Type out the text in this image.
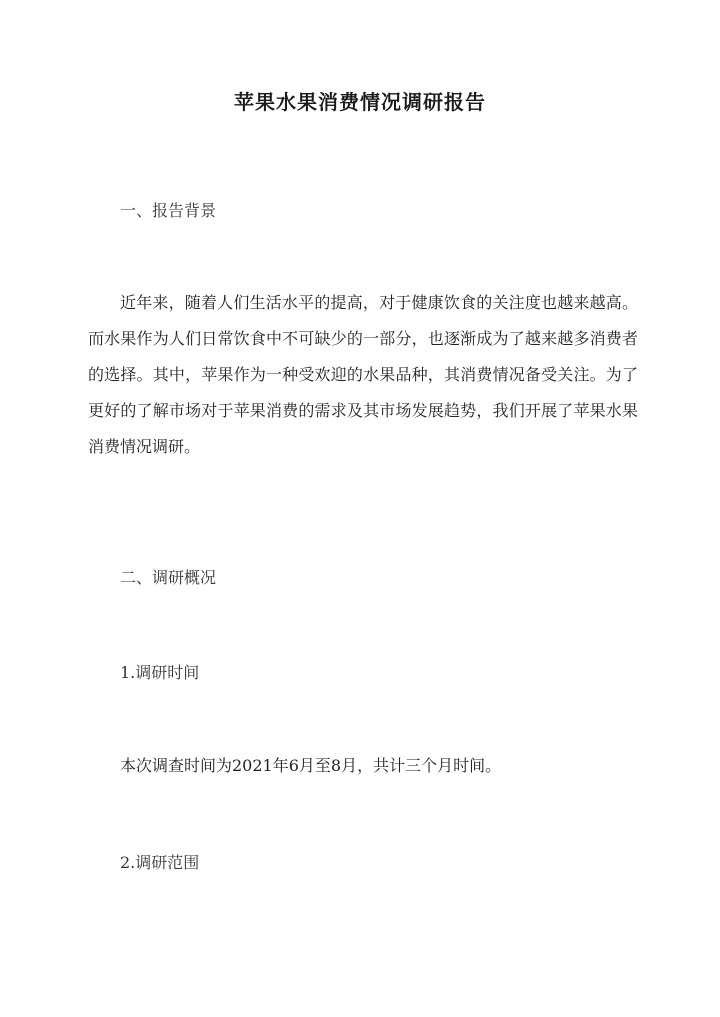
苹果水果消费情况调研报告
一、报告背景
近年来，随着人们生活水平的提高，对于健康饮食的关注度也越来越高。而水果作为人们日常饮食中不可缺少的一部分，也逐渐成为了越来越多消费者的选择。其中，苹果作为一种受欢迎的水果品种，其消费情况备受关注。为了更好的了解市场对于苹果消费的需求及其市场发展趋势，我们开展了苹果水果消费情况调研。
二、调研概况
1.调研时间
本次调查时间为2021年6月至8月，共计三个月时间。
2.调研范围
